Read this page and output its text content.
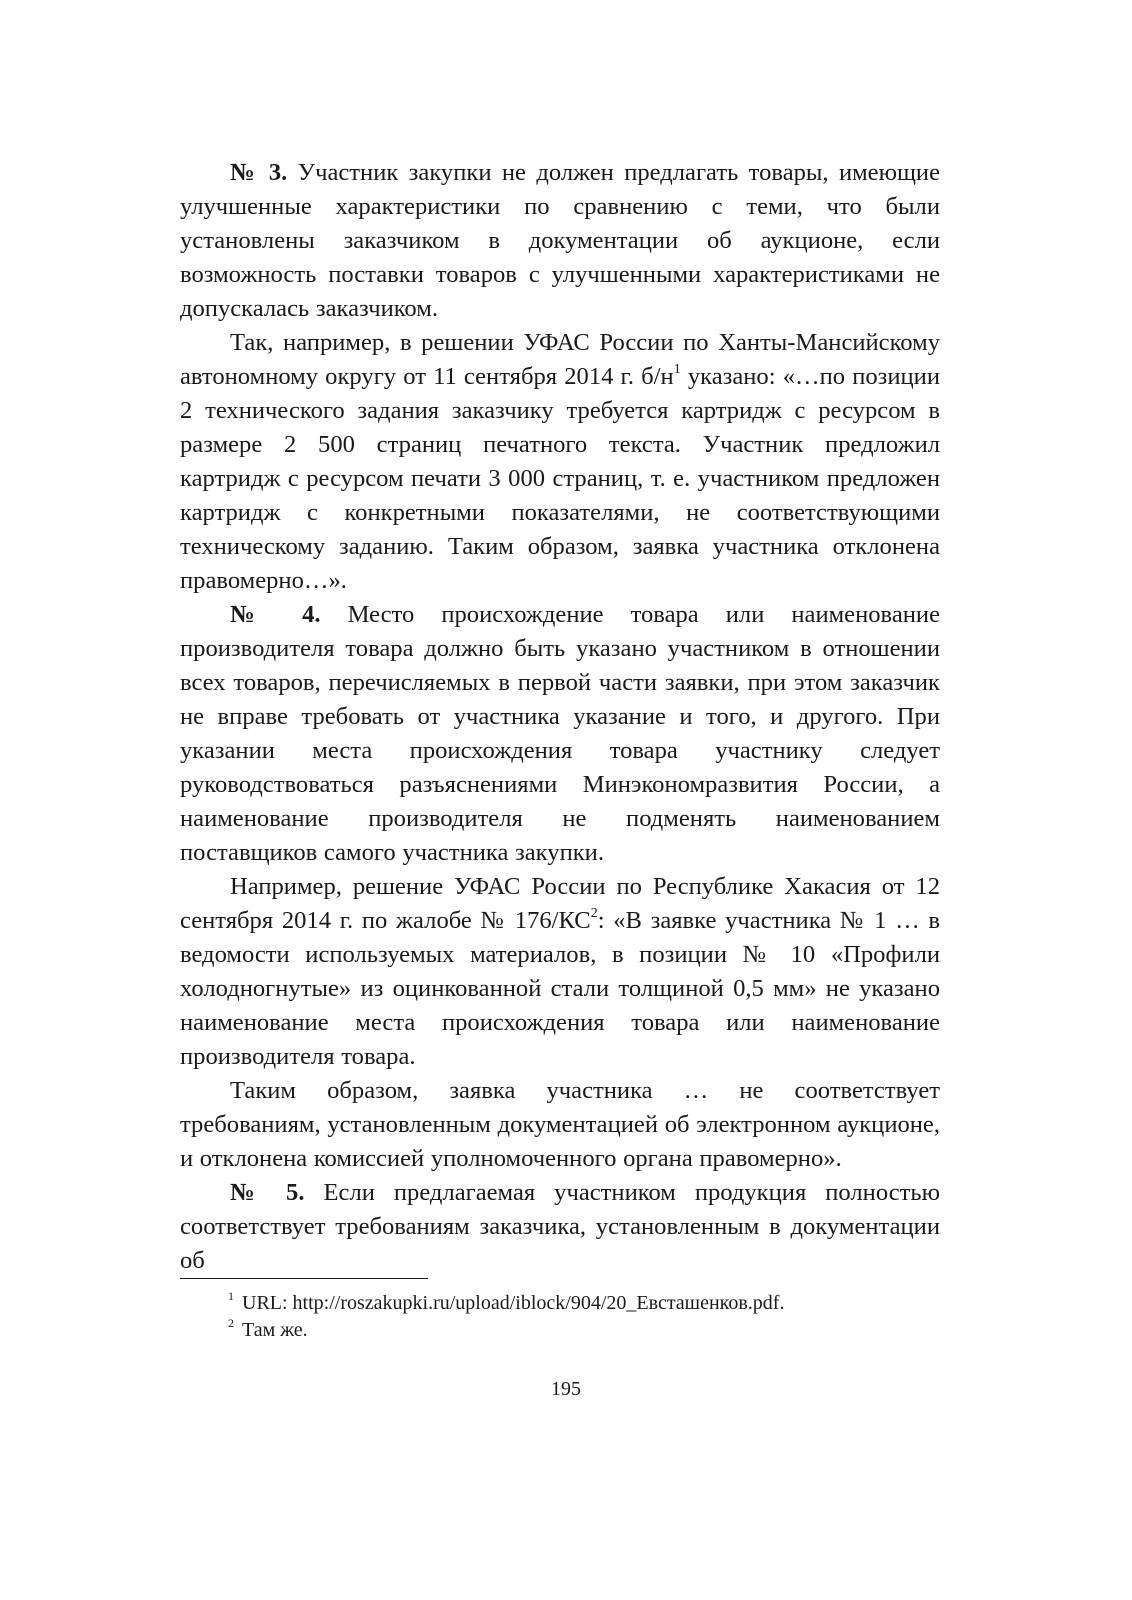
№ 3. Участник закупки не должен предлагать товары, имеющие улучшенные характеристики по сравнению с теми, что были установлены заказчиком в документации об аукционе, если возможность поставки товаров с улучшенными характеристиками не допускалась заказчиком.

Так, например, в решении УФАС России по Ханты-Мансийскому автономному округу от 11 сентября 2014 г. $б/н^1$ указано: «…по позиции 2 технического задания заказчику требуется картридж с ресурсом в размере 2 500 страниц печатного текста. Участник предложил картридж с ресурсом печати 3 000 страниц, т. е. участником предложен картридж с конкретными показателями, не соответствующими техническому заданию. Таким образом, заявка участника отклонена правомерно…».

№ 4. Место происхождение товара или наименование производителя товара должно быть указано участником в отношении всех товаров, перечисляемых в первой части заявки, при этом заказчик не вправе требовать от участника указание и того, и другого. При указании места происхождения товара участнику следует руководствоваться разъяснениями Минэкономразвития России, а наименование производителя не подменять наименованием поставщиков самого участника закупки.

Например, решение УФАС России по Республике Хакасия от 12 сентября 2014 г. по жалобе № $176/КС^2$: «В заявке участника № 1 … в ведомости используемых материалов, в позиции № 10 «Профили холодногнутые» из оцинкованной стали толщиной 0,5 мм» не указано наименование места происхождения товара или наименование производителя товара.

Таким образом, заявка участника … не соответствует требованиям, установленным документацией об электронном аукционе, и отклонена комиссией уполномоченного органа правомерно».

№ 5. Если предлагаемая участником продукция полностью соответствует требованиям заказчика, установленным в документации об

$^1$ URL: http://roszakupki.ru/upload/iblock/904/20_Евсташенков.pdf.
$^2$ Там же.
195
